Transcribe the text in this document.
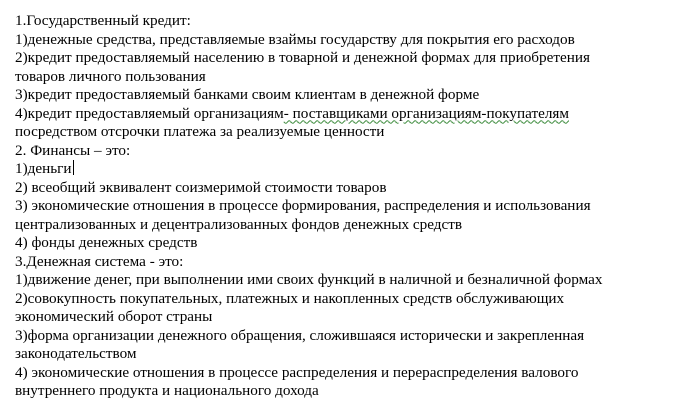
1.Государственный кредит:
1)денежные средства, представляемые взаймы государству для покрытия его расходов
2)кредит предоставляемый населению в товарной и денежной формах для приобретения
товаров личного пользования
3)кредит предоставляемый банками своим клиентам в денежной форме
4)кредит предоставляемый организациям- поставщиками организациям-покупателям
посредством отсрочки платежа за реализуемые ценности
2. Финансы – это:
1)деньги
2) всеобщий эквивалент соизмеримой стоимости товаров
3) экономические отношения в процессе формирования, распределения и использования
централизованных и децентрализованных фондов денежных средств
4) фонды денежных средств
3.Денежная система - это:
1)движение денег, при выполнении ими своих функций в наличной и безналичной формах
2)совокупность покупательных, платежных и накопленных средств обслуживающих
экономический оборот страны
3)форма организации денежного обращения, сложившаяся исторически и закрепленная
законодательством
4) экономические отношения в процессе распределения и перераспределения валового
внутреннего продукта и национального дохода
